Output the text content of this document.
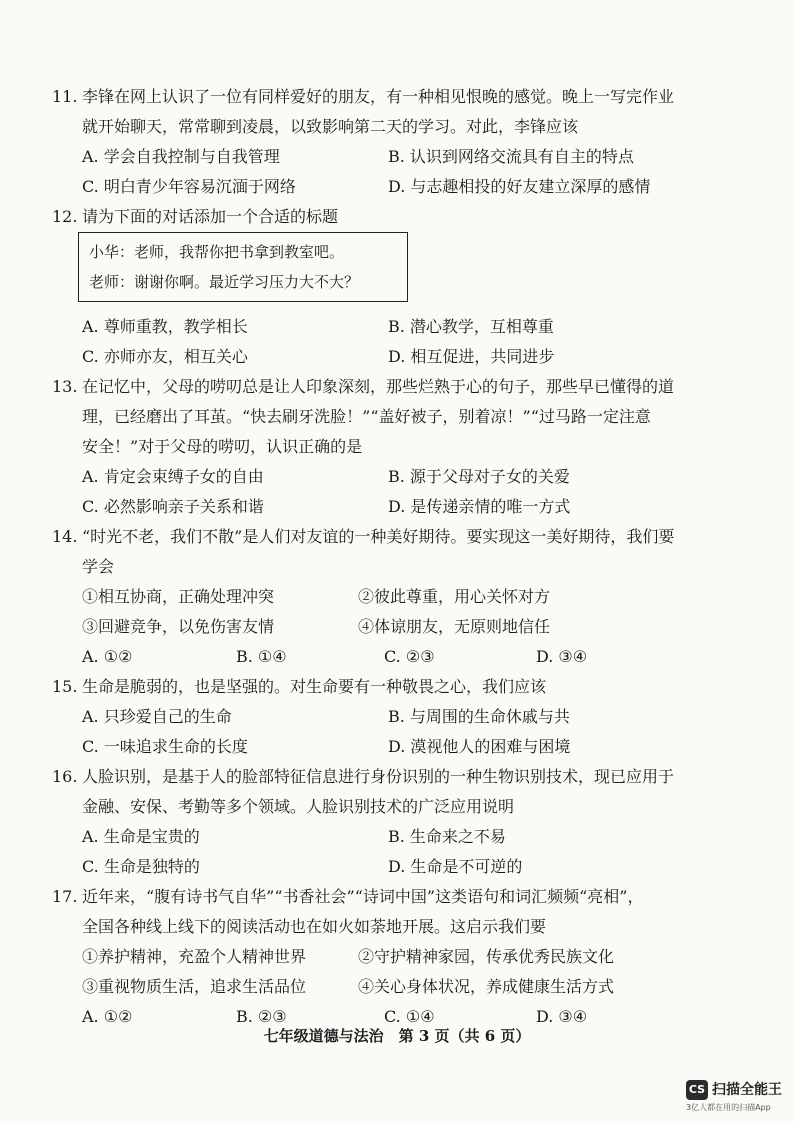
11. 李锋在网上认识了一位有同样爱好的朋友，有一种相见恨晚的感觉。晚上一写完作业
就开始聊天，常常聊到凌晨，以致影响第二天的学习。对此，李锋应该
A. 学会自我控制与自我管理	B. 认识到网络交流具有自主的特点
C. 明白青少年容易沉湎于网络	D. 与志趣相投的好友建立深厚的感情
12. 请为下面的对话添加一个合适的标题
小华：老师，我帮你把书拿到教室吧。
老师：谢谢你啊。最近学习压力大不大？
A. 尊师重教，教学相长	B. 潜心教学，互相尊重
C. 亦师亦友，相互关心	D. 相互促进，共同进步
13. 在记忆中，父母的唠叨总是让人印象深刻，那些烂熟于心的句子，那些早已懂得的道
理，已经磨出了耳茧。“快去刷牙洗脸！”“盖好被子，别着凉！”“过马路一定注意
安全！”对于父母的唠叨，认识正确的是
A. 肯定会束缚子女的自由	B. 源于父母对子女的关爱
C. 必然影响亲子关系和谐	D. 是传递亲情的唯一方式
14. “时光不老，我们不散”是人们对友谊的一种美好期待。要实现这一美好期待，我们要
学会
①相互协商，正确处理冲突	②彼此尊重，用心关怀对方
③回避竞争，以免伤害友情	④体谅朋友，无原则地信任
A. ①②	B. ①④	C. ②③	D. ③④
15. 生命是脆弱的，也是坚强的。对生命要有一种敬畏之心，我们应该
A. 只珍爱自己的生命	B. 与周围的生命休戚与共
C. 一味追求生命的长度	D. 漠视他人的困难与困境
16. 人脸识别，是基于人的脸部特征信息进行身份识别的一种生物识别技术，现已应用于
金融、安保、考勤等多个领域。人脸识别技术的广泛应用说明
A. 生命是宝贵的	B. 生命来之不易
C. 生命是独特的	D. 生命是不可逆的
17. 近年来，“腹有诗书气自华”“书香社会”“诗词中国”这类语句和词汇频频“亮相”，
全国各种线上线下的阅读活动也在如火如荼地开展。这启示我们要
①养护精神，充盈个人精神世界	②守护精神家园，传承优秀民族文化
③重视物质生活，追求生活品位	④关心身体状况，养成健康生活方式
A. ①②	B. ②③	C. ①④	D. ③④
七年级道德与法治　第 3 页（共 6 页）
CS 扫描全能王
3亿人都在用的扫描App
